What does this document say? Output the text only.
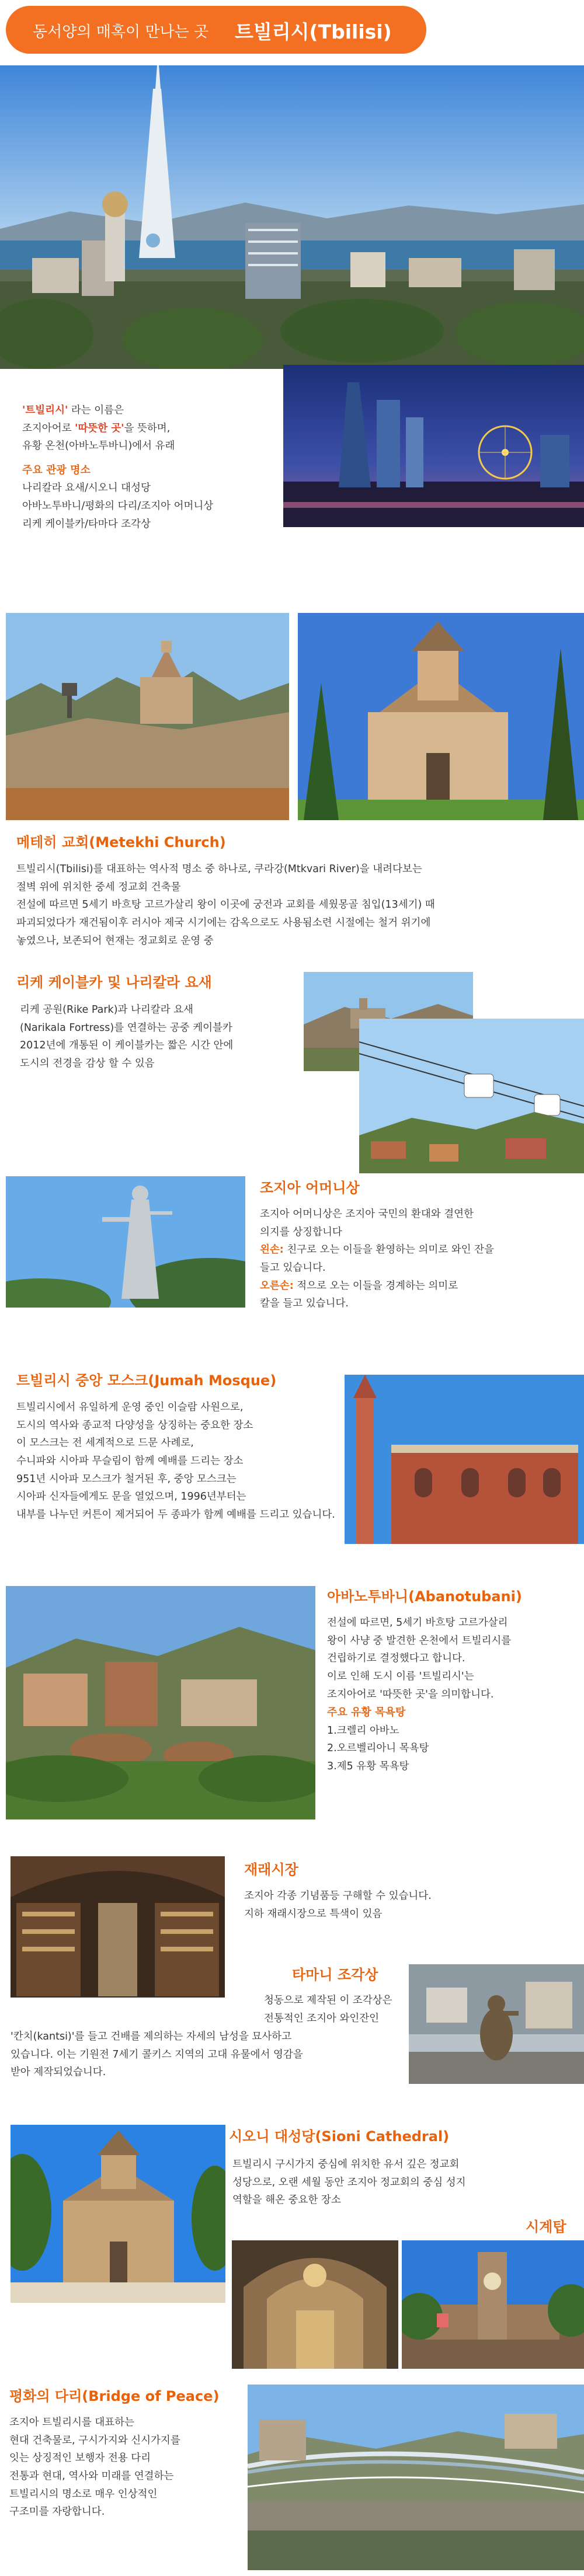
동서양의 매혹이 만나는 곳 트빌리시(Tbilisi)

'트빌리시' 라는 이름은

조지아어로 '따뜻한 곳'을 뜻하며,

유황 온천(아바노투바니)에서 유래

주요 관광 명소

나리칼라 요새/시오니 대성당

아바노투바니/평화의 다리/조지아 어머니상

리케 케이블카/타마다 조각상

메테히 교회(Metekhi Church)

트빌리시(Tbilisi)를 대표하는 역사적 명소 중 하나로, 쿠라강(Mtkvari River)을 내려다보는

절벽 위에 위치한 중세 정교회 건축물

전설에 따르면 5세기 바흐탕 고르가살리 왕이 이곳에 궁전과 교회를 세웠몽골 침입(13세기) 때

파괴되었다가 재건됨이후 러시아 제국 시기에는 감옥으로도 사용됨소련 시절에는 철거 위기에

놓였으나, 보존되어 현재는 정교회로 운영 중

리케 케이블카 및 나리칼라 요새

리케 공원(Rike Park)과 나리칼라 요새

(Narikala Fortress)를 연결하는 공중 케이블카

2012년에 개통된 이 케이블카는 짧은 시간 안에

도시의 전경을 감상 할 수 있음

조지아 어머니상

조지아 어머니상은 조지아 국민의 환대와 결연한

의지를 상징합니다

왼손: 친구로 오는 이들을 환영하는 의미로 와인 잔을

들고 있습니다.

오른손: 적으로 오는 이들을 경계하는 의미로

칼을 들고 있습니다.

트빌리시 중앙 모스크(Jumah Mosque)

트빌리시에서 유일하게 운영 중인 이슬람 사원으로,

도시의 역사와 종교적 다양성을 상징하는 중요한 장소

이 모스크는 전 세계적으로 드문 사례로,

수니파와 시아파 무슬림이 함께 예배를 드리는 장소

951년 시아파 모스크가 철거된 후, 중앙 모스크는

시아파 신자들에게도 문을 열었으며, 1996년부터는

내부를 나누던 커튼이 제거되어 두 종파가 함께 예배를 드리고 있습니다.

아바노투바니(Abanotubani)

전설에 따르면, 5세기 바흐탕 고르가살리

왕이 사냥 중 발견한 온천에서 트빌리시를

건립하기로 결정했다고 합니다.

이로 인해 도시 이름 '트빌리시'는

조지아어로 '따뜻한 곳'을 의미합니다.

주요 유황 목욕탕

1.크렐리 아바노

2.오르벨리아니 목욕탕

3.제5 유황 목욕탕

재래시장

조지아 각종 기념품등 구해할 수 있습니다.

지하 재래시장으로 특색이 있음

타마니 조각상

청동으로 제작된 이 조각상은

전통적인 조지아 와인잔인

'칸치(kantsi)'를 들고 건배를 제의하는 자세의 남성을 묘사하고

있습니다. 이는 기원전 7세기 콜키스 지역의 고대 유물에서 영감을

받아 제작되었습니다.

시오니 대성당(Sioni Cathedral)

트빌리시 구시가지 중심에 위치한 유서 깊은 정교회

성당으로, 오랜 세월 동안 조지아 정교회의 중심 성지

역할을 해온 중요한 장소

시계탑
평화의 다리(Bridge of Peace)

조지아 트빌리시를 대표하는

현대 건축물로, 구시가지와 신시가지를

잇는 상징적인 보행자 전용 다리

전통과 현대, 역사와 미래를 연결하는

트빌리시의 명소로 매우 인상적인

구조미를 자랑합니다.
